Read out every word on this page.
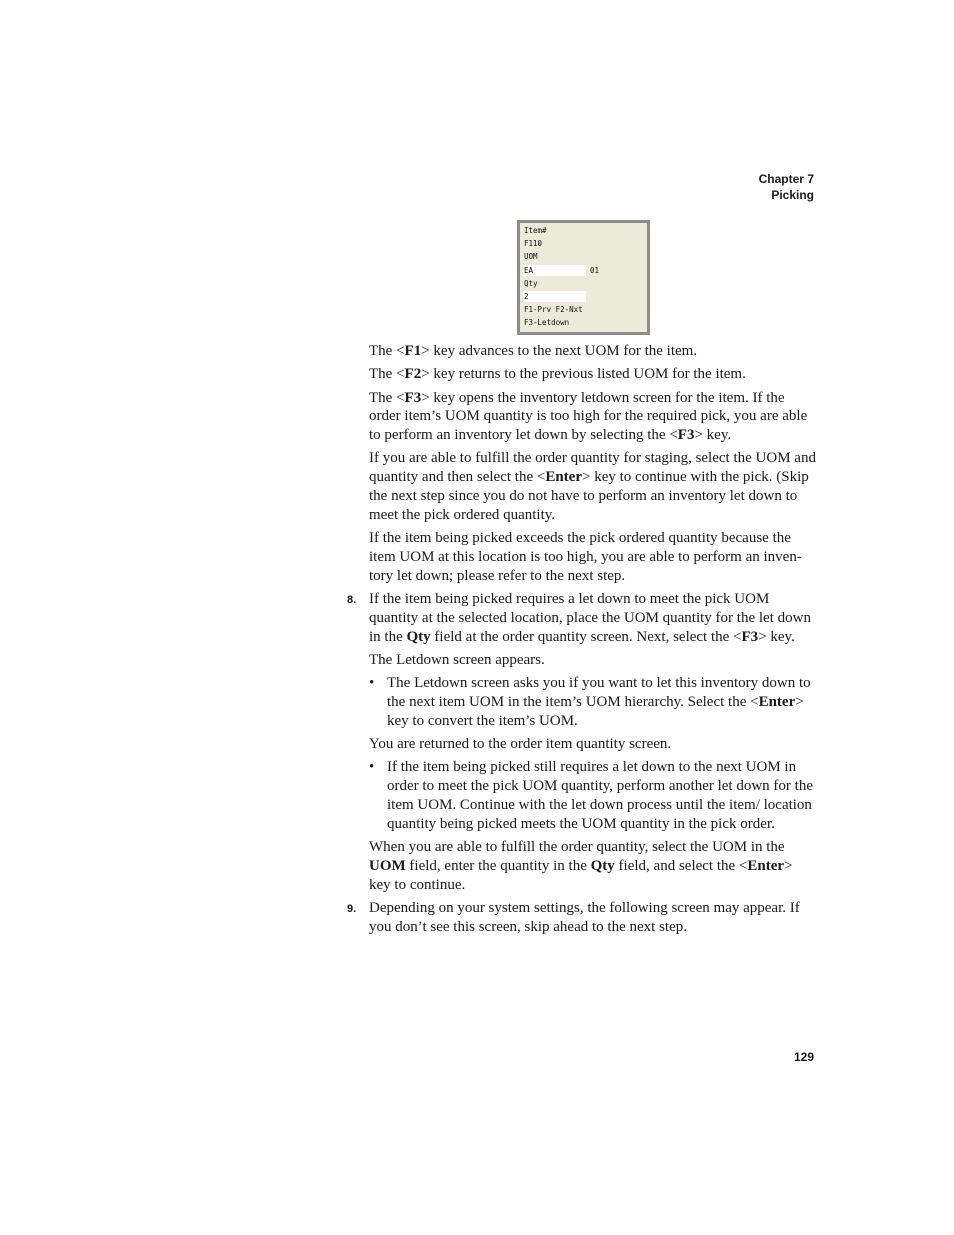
Chapter 7
Picking
Item#
F110
UOM
EA	01
Qty
2
F1-Prv F2-Nxt
F3-Letdown

The <F1> key advances to the next UOM for the item.

The <F2> key returns to the previous listed UOM for the item.

The <F3> key opens the inventory letdown screen for the item. If the order item’s UOM quantity is too high for the required pick, you are able to perform an inventory let down by selecting the <F3> key.

If you are able to fulfill the order quantity for staging, select the UOM and quantity and then select the <Enter> key to continue with the pick. (Skip the next step since you do not have to perform an inventory let down to meet the pick ordered quantity.

If the item being picked exceeds the pick ordered quantity because the item UOM at this location is too high, you are able to perform an inven-tory let down; please refer to the next step.

8. If the item being picked requires a let down to meet the pick UOM quantity at the selected location, place the UOM quantity for the let down in the Qty field at the order quantity screen. Next, select the <F3> key.

The Letdown screen appears.

• The Letdown screen asks you if you want to let this inventory down to the next item UOM in the item’s UOM hierarchy. Select the <Enter> key to convert the item’s UOM.

You are returned to the order item quantity screen.

• If the item being picked still requires a let down to the next UOM in order to meet the pick UOM quantity, perform another let down for the item UOM. Continue with the let down process until the item/ location quantity being picked meets the UOM quantity in the pick order.

When you are able to fulfill the order quantity, select the UOM in the UOM field, enter the quantity in the Qty field, and select the <Enter> key to continue.

9. Depending on your system settings, the following screen may appear. If you don’t see this screen, skip ahead to the next step.
129
